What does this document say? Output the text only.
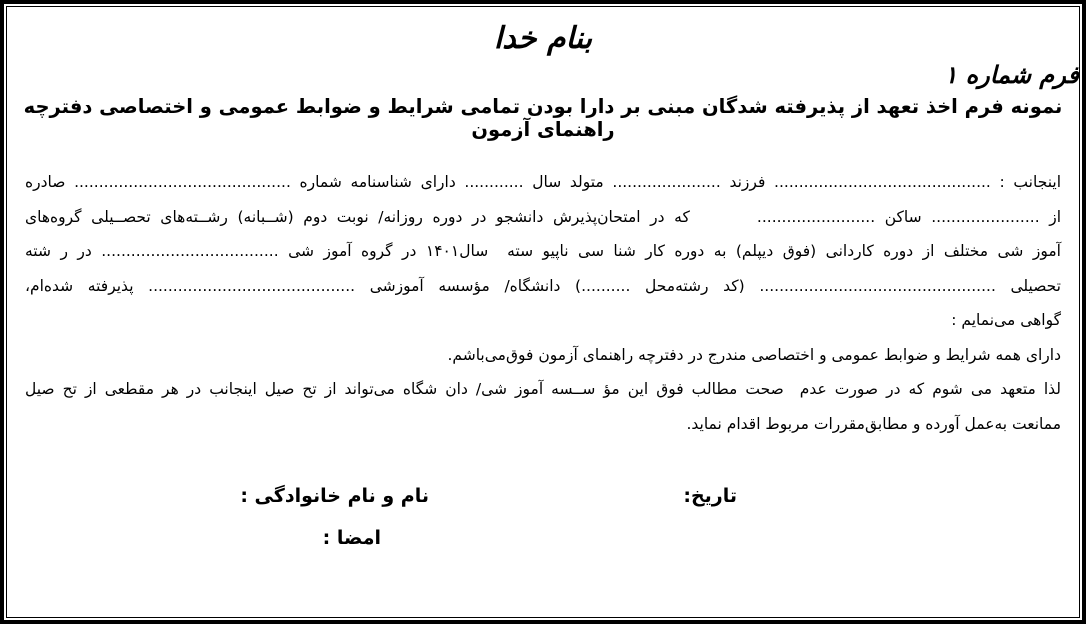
بنام خدا
فرم شماره ۱
نمونه فرم اخذ تعهد از پذیرفته شدگان مبنی بر دارا بودن تمامی شرایط و ضوابط عمومی و اختصاصی دفترچه راهنمای آزمون
اینجانب : ............................................ فرزند ...................... متولد سال ............ دارای شناسنامه شماره ............................................ صادره
از ...................... ساکن ........................       که در امتحان‌پذیرش دانشجو در دوره روزانه/ نوبت دوم (شــبانه) رشــته‌های تحصــیلی گروه‌های
آموز شی مختلف از دوره کاردانی (فوق دیپلم) به دوره کار شنا سی ناپیو سته  سال۱۴۰۱ در گروه آموز شی .................................... در ر شته
تحصیلی ................................................ (کد رشته‌محل ..........) دانشگاه/ مؤسسه آموزشی .......................................... پذیرفته شده‌ام،
گواهی می‌نمایم :
دارای همه شرایط و ضوابط عمومی و اختصاصی مندرج در دفترچه راهنمای آزمون فوق‌می‌باشم.
لذا متعهد می شوم که در صورت عدم  صحت مطالب فوق این مؤ ســسه آموز شی/ دان شگاه می‌تواند از تح صیل اینجانب در هر مقطعی از تح صیل
ممانعت به‌عمل آورده و مطابق‌مقررات مربوط اقدام نماید.
تاریخ:
نام و نام خانوادگی :
امضا :
